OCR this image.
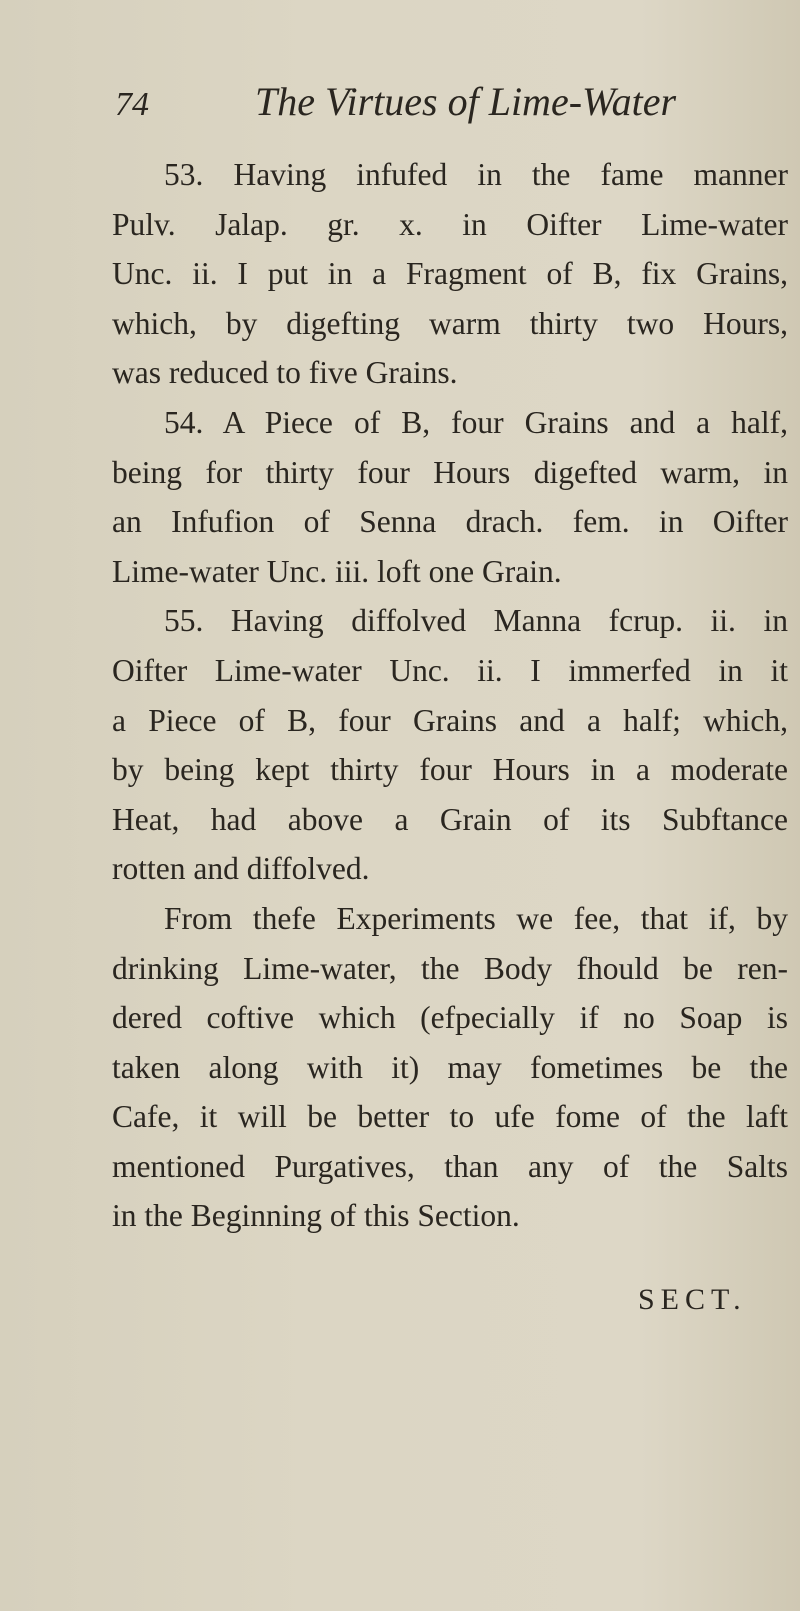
74	The Virtues of Lime-Water
53. Having infufed in the fame manner
Pulv. Jalap. gr. x. in Oifter Lime-water
Unc. ii. I put in a Fragment of B, fix Grains,
which, by digefting warm thirty two Hours,
was reduced to five Grains.
54. A Piece of B, four Grains and a half,
being for thirty four Hours digefted warm, in
an Infufion of Senna drach. fem. in Oifter
Lime-water Unc. iii. loft one Grain.
55. Having diffolved Manna fcrup. ii. in
Oifter Lime-water Unc. ii. I immerfed in it
a Piece of B, four Grains and a half; which,
by being kept thirty four Hours in a moderate
Heat, had above a Grain of its Subftance
rotten and diffolved.
From thefe Experiments we fee, that if, by
drinking Lime-water, the Body fhould be ren-
dered coftive which (efpecially if no Soap is
taken along with it) may fometimes be the
Cafe, it will be better to ufe fome of the laft
mentioned Purgatives, than any of the Salts
in the Beginning of this Section.
SECT.
